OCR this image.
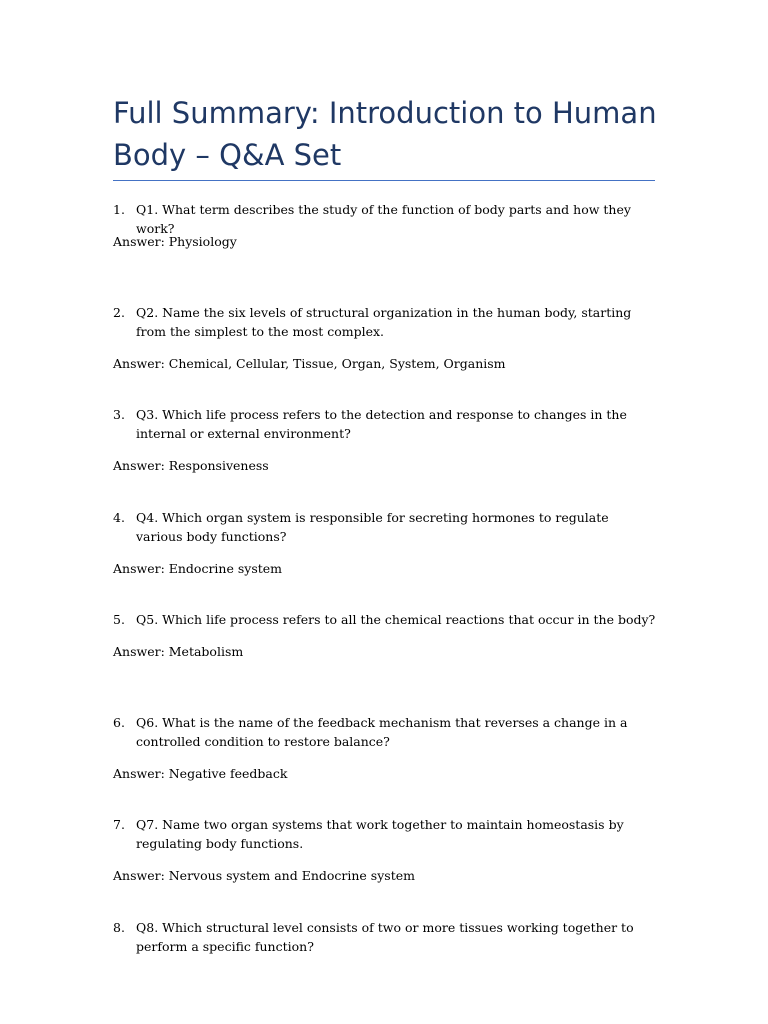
Full Summary: Introduction to Human Body – Q&A Set
1. Q1. What term describes the study of the function of body parts and how they work?
Answer: Physiology
2. Q2. Name the six levels of structural organization in the human body, starting from the simplest to the most complex.
Answer: Chemical, Cellular, Tissue, Organ, System, Organism
3. Q3. Which life process refers to the detection and response to changes in the internal or external environment?
Answer: Responsiveness
4. Q4. Which organ system is responsible for secreting hormones to regulate various body functions?
Answer: Endocrine system
5. Q5. Which life process refers to all the chemical reactions that occur in the body?
Answer: Metabolism
6. Q6. What is the name of the feedback mechanism that reverses a change in a controlled condition to restore balance?
Answer: Negative feedback
7. Q7. Name two organ systems that work together to maintain homeostasis by regulating body functions.
Answer: Nervous system and Endocrine system
8. Q8. Which structural level consists of two or more tissues working together to perform a specific function?
